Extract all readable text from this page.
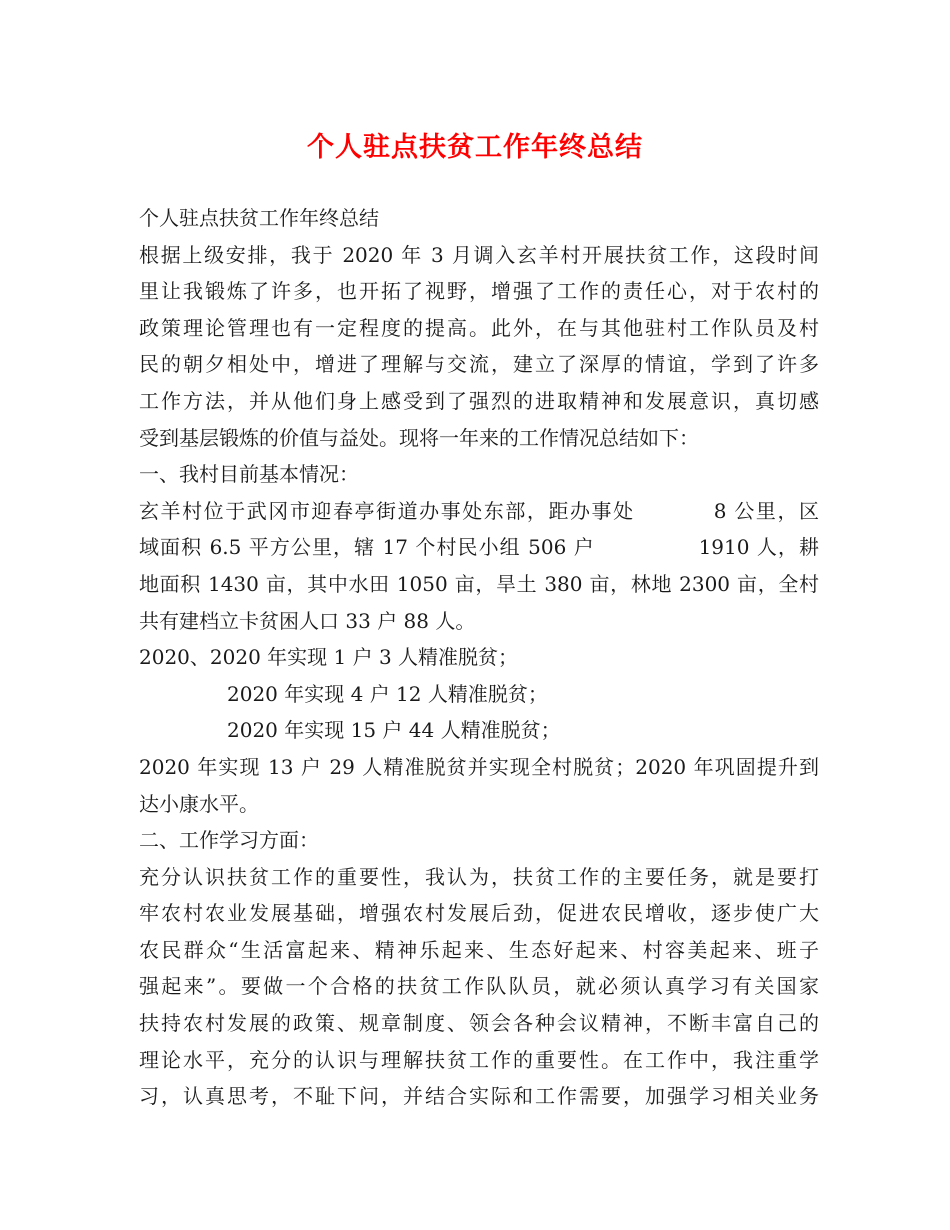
个人驻点扶贫工作年终总结
个人驻点扶贫工作年终总结
根据上级安排，我于 2020 年 3 月调入玄羊村开展扶贫工作，这段时间
里让我锻炼了许多，也开拓了视野，增强了工作的责任心，对于农村的
政策理论管理也有一定程度的提高。此外，在与其他驻村工作队员及村
民的朝夕相处中，增进了理解与交流，建立了深厚的情谊，学到了许多
工作方法，并从他们身上感受到了强烈的进取精神和发展意识，真切感
受到基层锻炼的价值与益处。现将一年来的工作情况总结如下：
一、我村目前基本情况：
玄羊村位于武冈市迎春亭街道办事处东部，距办事处          8 公里，区
域面积 6.5 平方公里，辖 17 个村民小组 506 户              1910 人，耕
地面积 1430 亩，其中水田 1050 亩，旱土 380 亩，林地 2300 亩，全村
共有建档立卡贫困人口 33 户 88 人。
2020、2020 年实现 1 户 3 人精准脱贫；
2020 年实现 4 户 12 人精准脱贫；
2020 年实现 15 户 44 人精准脱贫；
2020 年实现 13 户 29 人精准脱贫并实现全村脱贫；2020 年巩固提升到
达小康水平。
二、工作学习方面：
充分认识扶贫工作的重要性，我认为，扶贫工作的主要任务，就是要打
牢农村农业发展基础，增强农村发展后劲，促进农民增收，逐步使广大
农民群众“生活富起来、精神乐起来、生态好起来、村容美起来、班子
强起来”。要做一个合格的扶贫工作队队员，就必须认真学习有关国家
扶持农村发展的政策、规章制度、领会各种会议精神，不断丰富自己的
理论水平，充分的认识与理解扶贫工作的重要性。在工作中，我注重学
习，认真思考，不耻下问，并结合实际和工作需要，加强学习相关业务
